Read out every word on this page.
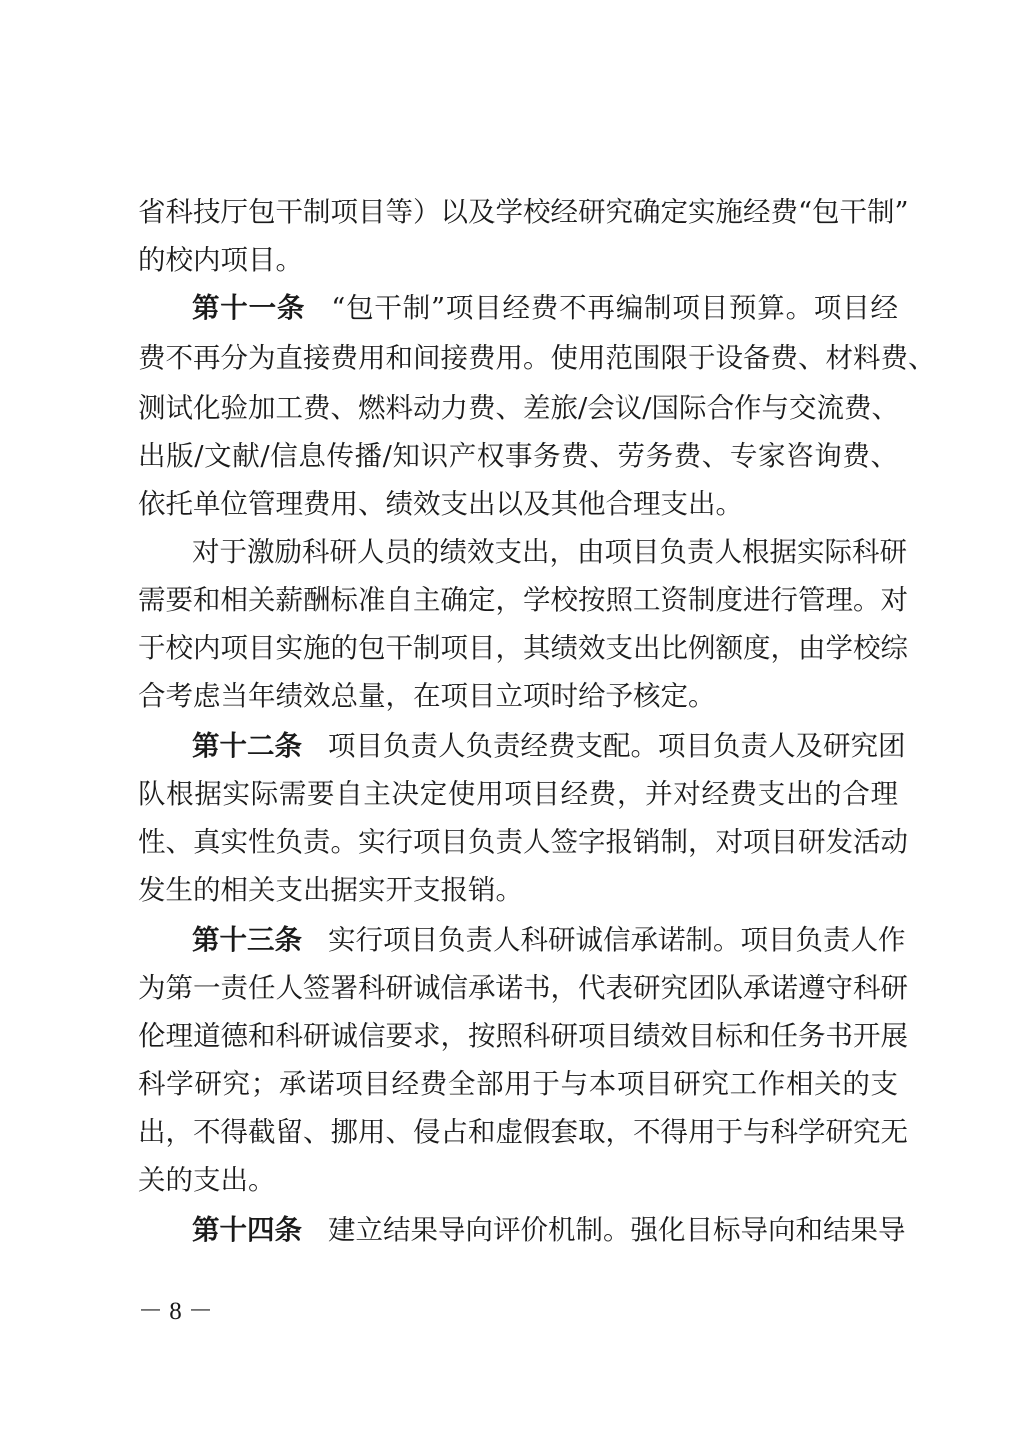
省科技厅包干制项目等）以及学校经研究确定实施经费“包干制”
的校内项目。
第十一条 “包干制”项目经费不再编制项目预算。项目经
费不再分为直接费用和间接费用。使用范围限于设备费、材料费、
测试化验加工费、燃料动力费、差旅/会议/国际合作与交流费、
出版/文献/信息传播/知识产权事务费、劳务费、专家咨询费、
依托单位管理费用、绩效支出以及其他合理支出。
对于激励科研人员的绩效支出，由项目负责人根据实际科研
需要和相关薪酬标准自主确定，学校按照工资制度进行管理。对
于校内项目实施的包干制项目，其绩效支出比例额度，由学校综
合考虑当年绩效总量，在项目立项时给予核定。
第十二条 项目负责人负责经费支配。项目负责人及研究团
队根据实际需要自主决定使用项目经费，并对经费支出的合理
性、真实性负责。实行项目负责人签字报销制，对项目研发活动
发生的相关支出据实开支报销。
第十三条 实行项目负责人科研诚信承诺制。项目负责人作
为第一责任人签署科研诚信承诺书，代表研究团队承诺遵守科研
伦理道德和科研诚信要求，按照科研项目绩效目标和任务书开展
科学研究；承诺项目经费全部用于与本项目研究工作相关的支
出，不得截留、挪用、侵占和虚假套取，不得用于与科学研究无
关的支出。
第十四条 建立结果导向评价机制。强化目标导向和结果导
－ 8 －
